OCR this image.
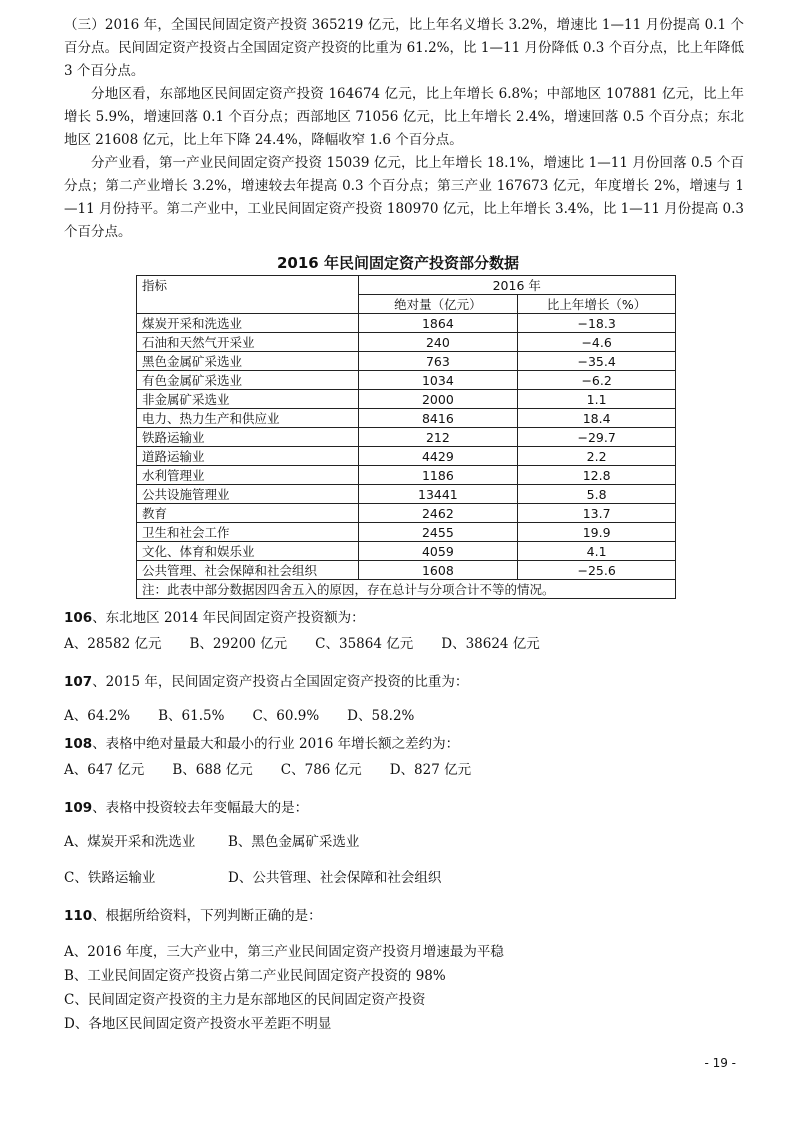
（三）2016 年，全国民间固定资产投资 365219 亿元，比上年名义增长 3.2%，增速比 1—11 月份提高 0.1 个百分点。民间固定资产投资占全国固定资产投资的比重为 61.2%，比 1—11 月份降低 0.3 个百分点，比上年降低 3 个百分点。

分地区看，东部地区民间固定资产投资 164674 亿元，比上年增长 6.8%；中部地区 107881 亿元，比上年增长 5.9%，增速回落 0.1 个百分点；西部地区 71056 亿元，比上年增长 2.4%，增速回落 0.5 个百分点；东北地区 21608 亿元，比上年下降 24.4%，降幅收窄 1.6 个百分点。

分产业看，第一产业民间固定资产投资 15039 亿元，比上年增长 18.1%，增速比 1—11 月份回落 0.5 个百分点；第二产业增长 3.2%，增速较去年提高 0.3 个百分点；第三产业 167673 亿元，年度增长 2%，增速与 1—11 月份持平。第二产业中，工业民间固定资产投资 180970 亿元，比上年增长 3.4%，比 1—11 月份提高 0.3 个百分点。

2016 年民间固定资产投资部分数据

指标	2016 年	
	绝对量（亿元）	比上年增长（%）
煤炭开采和洗选业	1864	−18.3
石油和天然气开采业	240	−4.6
黑色金属矿采选业	763	−35.4
有色金属矿采选业	1034	−6.2
非金属矿采选业	2000	1.1
电力、热力生产和供应业	8416	18.4
铁路运输业	212	−29.7
道路运输业	4429	2.2
水利管理业	1186	12.8
公共设施管理业	13441	5.8
教育	2462	13.7
卫生和社会工作	2455	19.9
文化、体育和娱乐业	4059	4.1
公共管理、社会保障和社会组织	1608	−25.6
注：此表中部分数据因四舍五入的原因，存在总计与分项合计不等的情况。		

106、东北地区 2014 年民间固定资产投资额为：

A、28582 亿元 B、29200 亿元 C、35864 亿元 D、38624 亿元

107、2015 年，民间固定资产投资占全国固定资产投资的比重为：

A、64.2% B、61.5% C、60.9% D、58.2%

108、表格中绝对量最大和最小的行业 2016 年增长额之差约为：

A、647 亿元 B、688 亿元 C、786 亿元 D、827 亿元

109、表格中投资较去年变幅最大的是：

A、煤炭开采和洗选业	B、黑色金属矿采选业
C、铁路运输业	D、公共管理、社会保障和社会组织

110、根据所给资料，下列判断正确的是：

A、2016 年度，三大产业中，第三产业民间固定资产投资月增速最为平稳

B、工业民间固定资产投资占第二产业民间固定资产投资的 98%

C、民间固定资产投资的主力是东部地区的民间固定资产投资

D、各地区民间固定资产投资水平差距不明显

- 19 -
